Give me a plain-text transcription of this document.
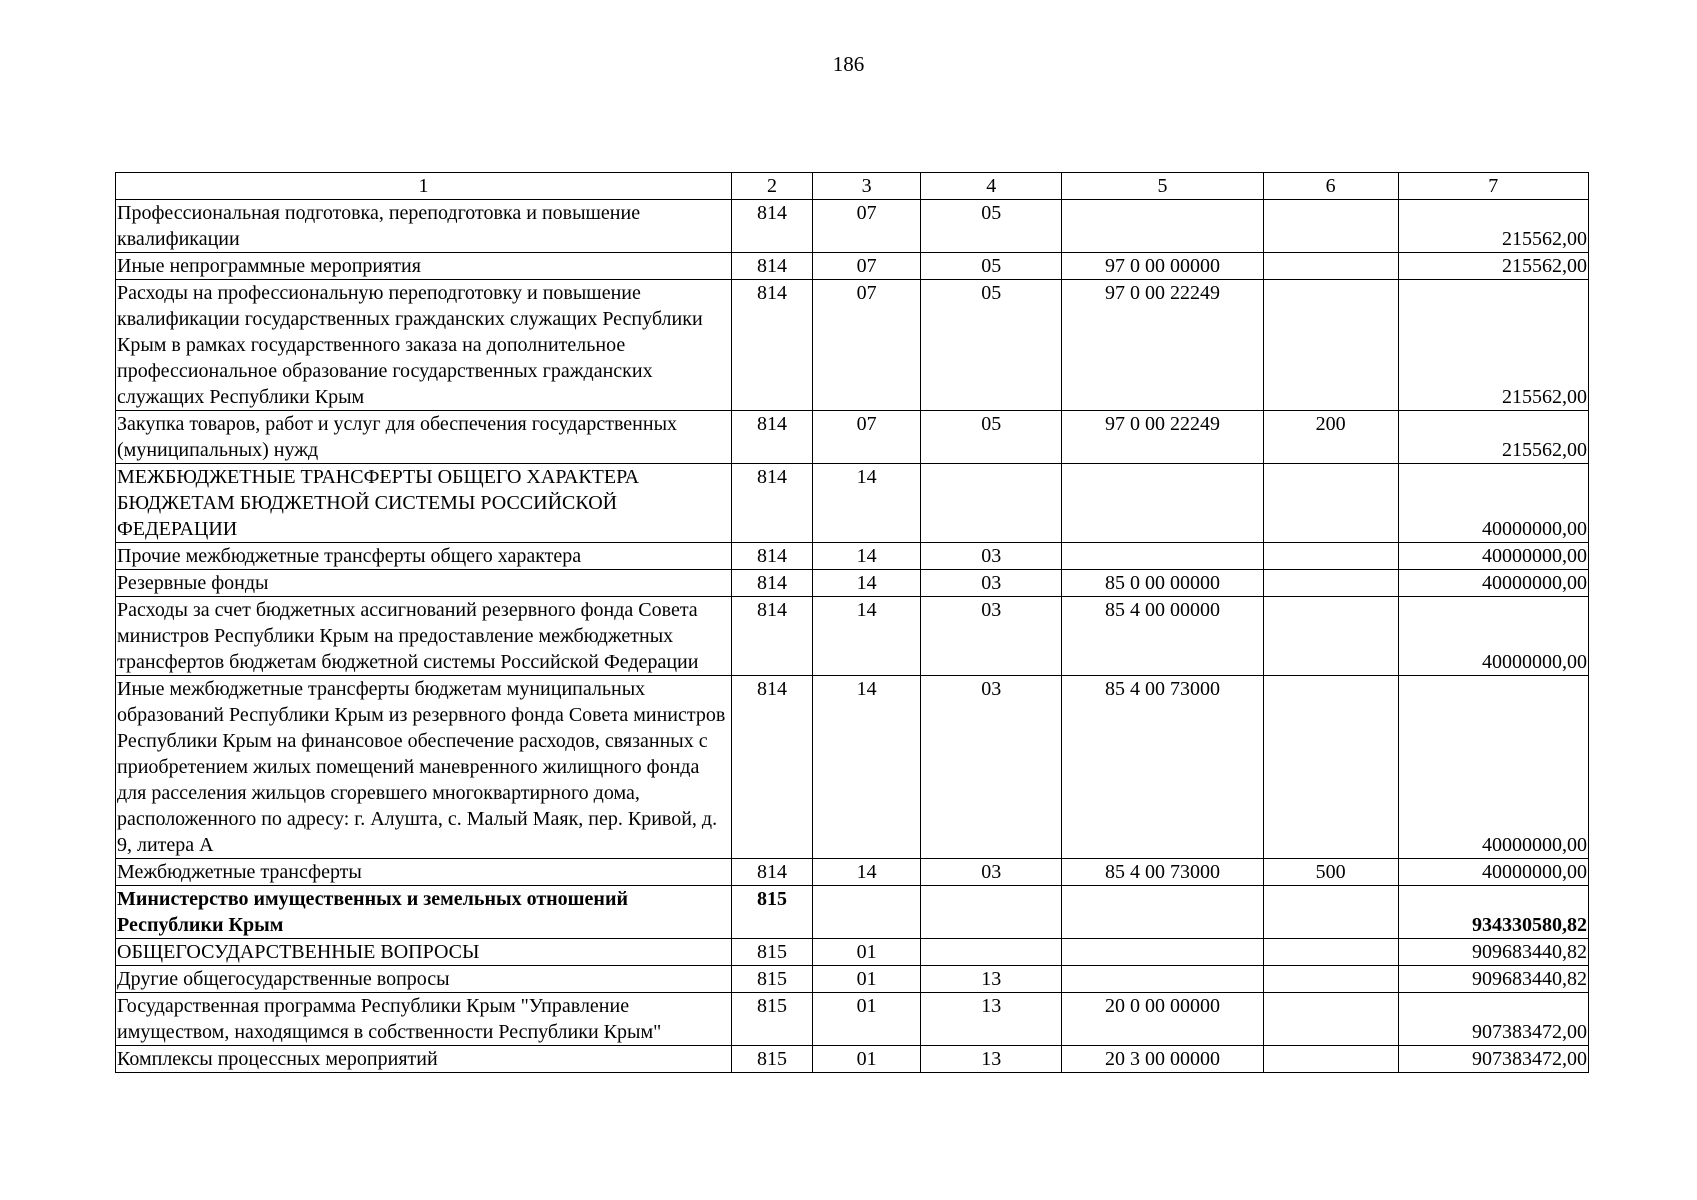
186
1	2	3	4	5	6	7
Профессиональная подготовка, переподготовка и повышение квалификации	814	07	05			215562,00
Иные непрограммные мероприятия	814	07	05	97 0 00 00000		215562,00
Расходы на профессиональную переподготовку и повышение квалификации государственных гражданских служащих Республики Крым в рамках государственного заказа на дополнительное профессиональное образование государственных гражданских служащих Республики Крым	814	07	05	97 0 00 22249		215562,00
Закупка товаров, работ и услуг для обеспечения государственных (муниципальных) нужд	814	07	05	97 0 00 22249	200	215562,00
МЕЖБЮДЖЕТНЫЕ ТРАНСФЕРТЫ ОБЩЕГО ХАРАКТЕРА БЮДЖЕТАМ БЮДЖЕТНОЙ СИСТЕМЫ РОССИЙСКОЙ ФЕДЕРАЦИИ	814	14				40000000,00
Прочие межбюджетные трансферты общего характера	814	14	03			40000000,00
Резервные фонды	814	14	03	85 0 00 00000		40000000,00
Расходы за счет бюджетных ассигнований резервного фонда Совета министров Республики Крым на предоставление межбюджетных трансфертов бюджетам бюджетной системы Российской Федерации	814	14	03	85 4 00 00000		40000000,00
Иные межбюджетные трансферты бюджетам муниципальных образований Республики Крым из резервного фонда Совета министров Республики Крым на финансовое обеспечение расходов, связанных с приобретением жилых помещений маневренного жилищного фонда для расселения жильцов сгоревшего многоквартирного дома, расположенного по адресу: г. Алушта, с. Малый Маяк, пер. Кривой, д. 9, литера А	814	14	03	85 4 00 73000		40000000,00
Межбюджетные трансферты	814	14	03	85 4 00 73000	500	40000000,00
Министерство имущественных и земельных отношений Республики Крым	815					934330580,82
ОБЩЕГОСУДАРСТВЕННЫЕ ВОПРОСЫ	815	01				909683440,82
Другие общегосударственные вопросы	815	01	13			909683440,82
Государственная программа Республики Крым "Управление имуществом, находящимся в собственности Республики Крым"	815	01	13	20 0 00 00000		907383472,00
Комплексы процессных мероприятий	815	01	13	20 3 00 00000		907383472,00
